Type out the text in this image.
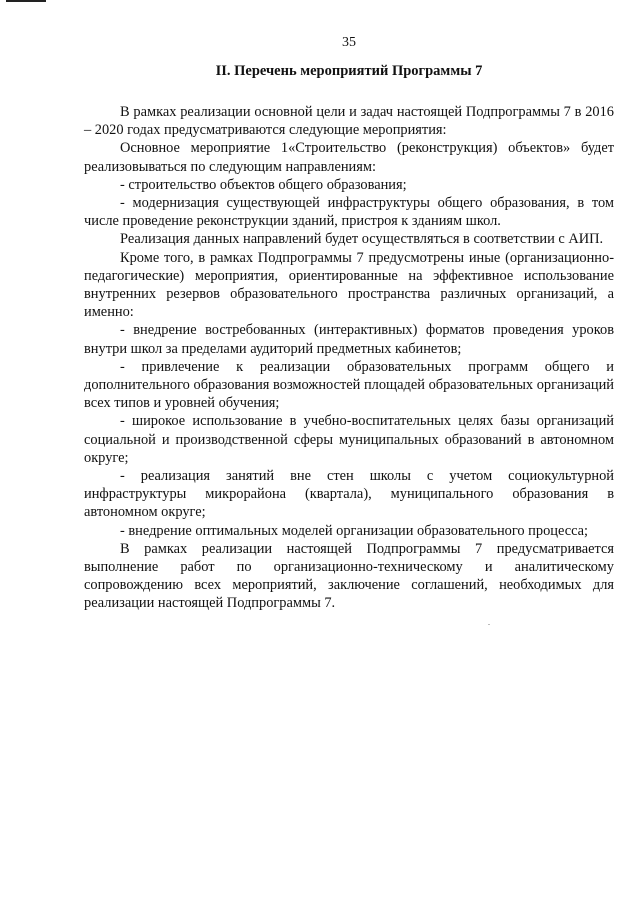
35
II. Перечень мероприятий Программы 7

В рамках реализации основной цели и задач настоящей Подпрограммы 7 в 2016 – 2020 годах предусматриваются следующие мероприятия:

Основное мероприятие 1«Строительство (реконструкция) объектов» будет реализовываться по следующим направлениям:

- строительство объектов общего образования;

- модернизация существующей инфраструктуры общего образования, в том числе проведение реконструкции зданий, пристроя к зданиям школ.

Реализация данных направлений будет осуществляться в соответствии с АИП.

Кроме того, в рамках Подпрограммы 7 предусмотрены иные (организационно-педагогические) мероприятия, ориентированные на эффективное использование внутренних резервов образовательного пространства различных организаций, а именно:

- внедрение востребованных (интерактивных) форматов проведения уроков внутри школ за пределами аудиторий предметных кабинетов;

- привлечение к реализации образовательных программ общего и дополнительного образования возможностей площадей образовательных организаций всех типов и уровней обучения;

- широкое использование в учебно-воспитательных целях базы организаций социальной и производственной сферы муниципальных образований в автономном округе;

- реализация занятий вне стен школы с учетом социокультурной инфраструктуры микрорайона (квартала), муниципального образования в автономном округе;

- внедрение оптимальных моделей организации образовательного процесса;

В рамках реализации настоящей Подпрограммы 7 предусматривается выполнение работ по организационно-техническому и аналитическому сопровождению всех мероприятий, заключение соглашений, необходимых для реализации настоящей Подпрограммы 7.
